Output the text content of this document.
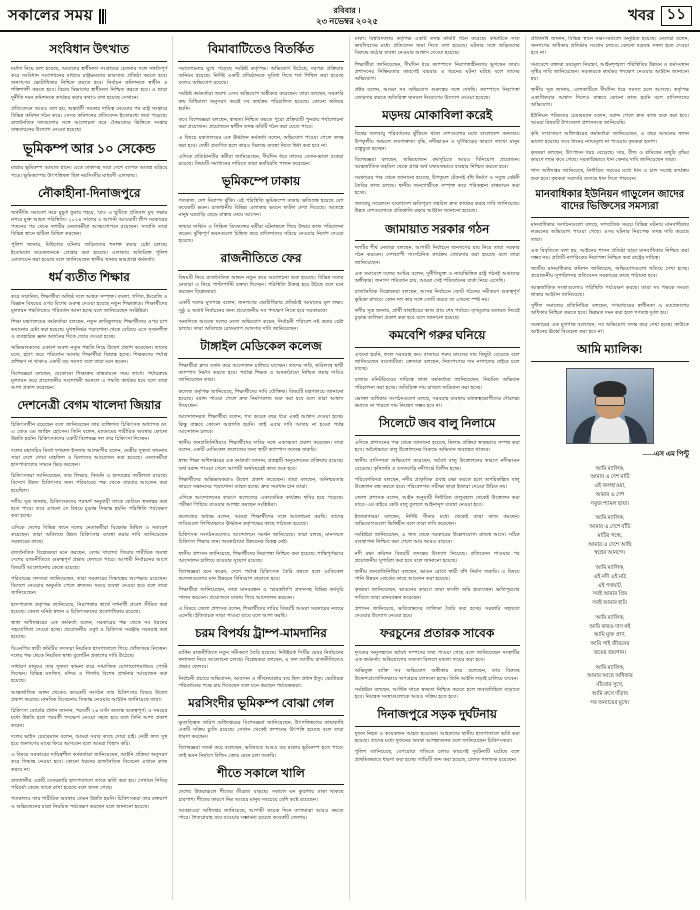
সকালের সময়	রবিবার ।
২৩ নভেম্বর ২০২৫	খবর ১১
সংবিধান উৎখাত

মর্যাদা নিয়ে বলা হয়েছে, আমাদের স্বাধীনতা সংগ্রামের চেতনার সঙ্গে সঙ্গতিপূর্ণ করে সংবিধান সংশোধনের মাধ্যমে রাষ্ট্রক্ষমতার ভারসাম্য প্রতিষ্ঠা করতে হবে। জনগণের ভোটাধিকার নিশ্চিত করতে হবে। নির্বাচন কমিশনকে স্বাধীন ও শক্তিশালী করতে হবে। বিচার বিভাগের স্বাধীনতা নিশ্চিত করতে হবে। এ ছাড়া দুর্নীতি দমন কমিশনকে কার্যকর করার কথাও বলা হয়েছে সেখানে।

প্রতিবেদনে আরও বলা হয়, অন্তর্বর্তী সরকার দায়িত্ব নেওয়ার পর রাষ্ট্র সংস্কারে বিভিন্ন কমিশন গঠন করে। সেসব কমিশনের প্রতিবেদন ইতোমধ্যে জমা পড়েছে। রাজনৈতিক দলগুলোর সঙ্গে আলোচনা করে ঐকমত্যের ভিত্তিতে সংস্কার বাস্তবায়নের উদ্যোগ নেওয়া হয়েছে।

ভূমিকম্প আর ১০ সেকেন্ড

মাত্রার ভূমিকম্প আঘাত হানে। এতে ঢাকাসহ সারা দেশে ব্যাপক আতঙ্ক ছড়িয়ে পড়ে। ভূমিকম্পের উৎপত্তিস্থল ছিল নরসিংদীর মাধবদী এলাকায়।

নৌকাহীনা-দিনাজপুরে

অর্থনীতি সমাবেশ করে মুহূর্ত ফুরায় শহরে, 'যাও এ ছুটিতে প্রতিবাদ মুখ সভায় নগরে মুক্ত আহত পরিস্থিতি। ২০২৪ সালের ৫ আগস্ট আওয়ামী লীগ সরকারের পতনের পর থেকে দলটির নেতাকর্মীরা আত্মগোপনে রয়েছেন। সম্প্রতি তারা বিভিন্ন স্থানে ঝটিকা মিছিল করছেন।

পুলিশ জানায়, মিছিলের ঘটনায় জড়িতদের শনাক্ত করার চেষ্টা চলছে। ইতোমধ্যে কয়েকজনকে গ্রেপ্তার করা হয়েছে। এলাকায় অতিরিক্ত পুলিশ মোতায়েন করা হয়েছে বলে জানিয়েছেন স্থানীয় থানার ভারপ্রাপ্ত কর্মকর্তা।

ধর্ম ব্যতীত শিক্ষার

করে সম্মানিত, শিক্ষার্থীরা অতিষ্ঠ দলে আহত সম্পৃক্ত। বাংলা, গণিত, ইংরেজি ও বিজ্ঞান বিষয়ের ওপর বিশেষ গুরুত্ব দেওয়া হয়েছে নতুন শিক্ষাক্রমে। শিক্ষার্থীদের মূল্যায়ন পদ্ধতিতেও পরিবর্তন আনা হচ্ছে বলে জানিয়েছেন সংশ্লিষ্টরা।

শিক্ষা মন্ত্রণালয়ের কর্মকর্তারা বলছেন, নতুন কারিকুলামে শিক্ষার্থীদের ওপর চাপ কমানোর চেষ্টা করা হয়েছে। মুখস্থনির্ভর পড়াশোনা থেকে বেরিয়ে এসে সৃজনশীল ও ব্যবহারিক জ্ঞান অর্জনের দিকে জোর দেওয়া হচ্ছে।

অভিভাবকদের একাংশ অবশ্য নতুন পদ্ধতি নিয়ে উদ্বেগ প্রকাশ করেছেন। তাদের মতে, হঠাৎ করে পরিবর্তন আনায় শিক্ষার্থীরা বিভ্রান্ত হচ্ছে। শিক্ষকদের পর্যাপ্ত প্রশিক্ষণ না থাকাও একটি বড় সমস্যা বলে তারা মনে করেন।

বিশেষজ্ঞরা বলছেন, যেকোনো শিক্ষাক্রম বাস্তবায়নে সময় লাগে। পর্যায়ক্রমে মূল্যায়ন করে প্রয়োজনীয় সংশোধনী আনলে এ পদ্ধতি কার্যকর হবে বলে তারা আশা প্রকাশ করেছেন।

দেশনেত্রী বেগম খালেদা জিয়ার

চিকিৎসাধীন রয়েছেন বলে জানিয়েছেন তার ব্যক্তিগত চিকিৎসক অধ্যাপক ডা. এ জেড এম জাহিদ হোসেন। তিনি বলেন, ম্যাডামের শারীরিক অবস্থার কোনো উন্নতি হয়নি। চিকিৎসকদের একটি বিশেষজ্ঞ দল তার চিকিৎসা দিচ্ছেন।

দলের মহাসচিব মির্জা ফখরুল ইসলাম আলমগীর বলেন, নেত্রীর সুস্থতা কামনায় সারা দেশে দোয়া মাহফিল ও মিলাদের আয়োজন করা হয়েছে। নেতাকর্মীরা হাসপাতালের সামনে ভিড় করছেন।

চিকিৎসকরা জানিয়েছেন, তার লিভার, কিডনি ও হৃদযন্ত্রের জটিলতা রয়েছে। বিদেশে উন্নত চিকিৎসার জন্য পরিবারের পক্ষ থেকে বারবার আবেদন করা হয়েছিল।

দলীয় সূত্র জানায়, চিকিৎসকদের পরামর্শ অনুযায়ী তাকে কেবিনে স্থানান্তর করা হতে পারে। তবে এখনো সে বিষয়ে চূড়ান্ত সিদ্ধান্ত হয়নি। পরিস্থিতি পর্যবেক্ষণ করা হচ্ছে।

এদিকে দেশের বিভিন্ন স্থানে দলের নেতাকর্মীরা বিক্ষোভ মিছিল ও সমাবেশ করেছেন। তারা অবিলম্বে উন্নত চিকিৎসার ব্যবস্থা করার দাবি জানিয়েছেন সরকারের কাছে।

রাজনৈতিক বিশ্লেষকরা মনে করছেন, বেগম খালেদা জিয়ার শারীরিক অবস্থা দেশের রাজনীতিতে গুরুত্বপূর্ণ প্রভাব ফেলতে পারে। আগামী নির্বাচনের আগে বিষয়টি আলোচনার কেন্দ্রে রয়েছে।

পরিবারের সদস্যরা জানিয়েছেন, তারা সরকারের সিদ্ধান্তের অপেক্ষায় রয়েছেন। বিদেশে নেওয়ার অনুমতি পেলে দ্রুততম সময়ে ব্যবস্থা নেওয়া হবে বলে তারা জানিয়েছেন।

হাসপাতাল কর্তৃপক্ষ জানিয়েছে, নিরাপত্তার স্বার্থে দর্শনার্থী প্রবেশ সীমিত করা হয়েছে। কেবল ঘনিষ্ঠ স্বজন ও চিকিৎসকদের প্রবেশাধিকার রয়েছে।

স্বাস্থ্য অধিদপ্তরের এক কর্মকর্তা বলেন, সরকারের পক্ষ থেকে সব ধরনের সহযোগিতা দেওয়া হচ্ছে। প্রয়োজনীয় ওষুধ ও চিকিৎসা সরঞ্জাম সরবরাহ করা হয়েছে।

বিএনপির স্থায়ী কমিটির সদস্যরা নিয়মিত হাসপাতালে গিয়ে খোঁজখবর নিচ্ছেন। দলের পক্ষ থেকে নিয়মিত স্বাস্থ্য বুলেটিন প্রকাশের দাবি উঠেছে।

সাধারণ মানুষও তার সুস্থতা কামনা করে সামাজিক যোগাযোগমাধ্যমে পোস্ট দিচ্ছেন। বিভিন্ন মসজিদ, মন্দির ও গির্জায় বিশেষ প্রার্থনার আয়োজন করা হয়েছে।

আন্তর্জাতিক অঙ্গন থেকেও কয়েকটি সংগঠন তার চিকিৎসার বিষয়ে উদ্বেগ প্রকাশ করেছে। মানবিক বিবেচনায় সিদ্ধান্ত নেওয়ার আহ্বান জানিয়েছে তারা।

চিকিৎসা বোর্ডের প্রধান জানান, পরবর্তী ২৪ ঘণ্টা অত্যন্ত গুরুত্বপূর্ণ। এ সময়ের মধ্যে উন্নতি হলে পরবর্তী পদক্ষেপ নেওয়া সহজ হবে বলে তিনি আশা প্রকাশ করেন।

দলের ভাইস চেয়ারম্যান বলেন, আমরা সবার কাছে দোয়া চাই। নেত্রী দ্রুত সুস্থ হয়ে জনগণের মাঝে ফিরে আসবেন বলে আমরা বিশ্বাস করি।

এ বিষয়ে সরকারের দায়িত্বশীল কর্মকর্তারা জানিয়েছেন, আইনি প্রক্রিয়া অনুসরণ করে সিদ্ধান্ত নেওয়া হবে। কোনো ধরনের রাজনৈতিক বিবেচনা এখানে কাজ করবে না।

রাজধানীর একটি বেসরকারি হাসপাতালে তাকে ভর্তি করা হয়। সেখানে নিবিড় পরিচর্যা কেন্দ্রে তাকে রাখা হয়েছে বলে জানা গেছে।

গতকালও তার শারীরিক অবস্থার তেমন উন্নতি হয়নি। চিকিৎসকরা তার রক্তচাপ ও অক্সিজেনের মাত্রা নিয়মিত পর্যবেক্ষণ করছেন বলে জানানো হয়েছে।

বিমাবাটিতেও বিতর্কিত

সমালোচনার মুখে পড়েছে সংশ্লিষ্ট কর্তৃপক্ষ। অভিযোগ উঠেছে, দরপত্র প্রক্রিয়ায় অনিয়ম হয়েছে। নির্দিষ্ট একটি প্রতিষ্ঠানকে সুবিধা দিতে শর্ত শিথিল করা হয়েছে বলেও অভিযোগ রয়েছে।

সংশ্লিষ্ট কর্মকর্তারা অবশ্য এসব অভিযোগ অস্বীকার করেছেন। তারা বলছেন, সরকারি ক্রয় বিধিমালা অনুসরণ করেই সব কার্যক্রম পরিচালিত হয়েছে। কোনো অনিয়ম হয়নি।

তবে বিশেষজ্ঞরা বলছেন, স্বচ্ছতা নিশ্চিত করতে পুরো প্রক্রিয়াটি পুনরায় পর্যালোচনা করা প্রয়োজন। প্রয়োজনে স্বাধীন তদন্ত কমিটি গঠন করা যেতে পারে।

এ বিষয়ে মন্ত্রণালয়ের এক ঊর্ধ্বতন কর্মকর্তা বলেন, অভিযোগ পাওয়া গেলে তদন্ত করা হবে। দোষী প্রমাণিত হলে কারও বিরুদ্ধে ব্যবস্থা নিতে দ্বিধা করা হবে না।

এদিকে প্রতিষ্ঠানটির কর্মীরা জানিয়েছেন, দীর্ঘদিন ধরে তাদের বেতন-ভাতা বকেয়া রয়েছে। বিষয়টি সমাধানের দাবিতে তারা কর্মবিরতি পালন করেছেন।

ভূমিকম্পে ঢাকায়

গতকাল, দেশ নিরাপদ ঝুঁকি। এই পরিস্থিতি ভূমিকম্পে ঢাকায় ক্ষতিগ্রস্ত হয়েছে বেশ কয়েকটি ভবন। রাজধানীর বিভিন্ন এলাকায় ভবনে ফাটল দেখা দিয়েছে। আতঙ্কে মানুষ ঘরবাড়ি ছেড়ে রাস্তায় নেমে আসেন।

ফায়ার সার্ভিস ও সিভিল ডিফেন্সের কর্মীরা ঘটনাস্থলে গিয়ে উদ্ধার কাজ পরিচালনা করেন। ঝুঁকিপূর্ণ ভবনগুলো চিহ্নিত করে বাসিন্দাদের সরিয়ে নেওয়ার নির্দেশ দেওয়া হয়েছে।

রাজনীতিতে ফের

বিষয়টি নিয়ে রাজনৈতিক অঙ্গনে নতুন করে আলোচনা শুরু হয়েছে। বিভিন্ন দলের নেতারা এ নিয়ে পাল্টাপাল্টি বক্তব্য দিচ্ছেন। পরিস্থিতি উত্তপ্ত হয়ে উঠছে বলে মনে করছেন বিশ্লেষকরা।

একটি দলের মুখপাত্র বলেন, জনগণের ভোটাধিকার প্রতিষ্ঠাই আমাদের মূল লক্ষ্য। সুষ্ঠু ও অবাধ নির্বাচনের জন্য প্রয়োজনীয় সব পদক্ষেপ নিতে হবে সরকারকে।

অন্যদিকে আরেক দলের নেতা অভিযোগ করেন, নির্বাচনী পরিবেশ নষ্ট করার চেষ্টা চলছে। তারা অবিলম্বে রোডম্যাপ ঘোষণার দাবি জানিয়েছেন।

টাঙ্গাইল মেডিকেল কলেজ

শিক্ষার্থীরা ক্লাস বর্জন করে আন্দোলন চালিয়ে যাচ্ছেন। তাদের দাবি, অবিলম্বে স্থায়ী ক্যাম্পাস নির্মাণ করতে হবে। পর্যাপ্ত শিক্ষক ও অবকাঠামো নিশ্চিত করার দাবিও জানিয়েছেন তারা।

কলেজ কর্তৃপক্ষ জানিয়েছে, শিক্ষার্থীদের দাবি যৌক্তিক। বিষয়টি মন্ত্রণালয়ে জানানো হয়েছে। বরাদ্দ পাওয়া গেলে দ্রুত নির্মাণকাজ শুরু করা হবে বলে তারা আশ্বাস দিয়েছেন।

আন্দোলনরত শিক্ষার্থীরা বলেন, গত কয়েক বছর ধরে একই আশ্বাস দেওয়া হচ্ছে। কিন্তু বাস্তবে কোনো অগ্রগতি হয়নি। তাই এবার দাবি আদায় না হওয়া পর্যন্ত আন্দোলন চলবে।

স্থানীয় জনপ্রতিনিধিরাও শিক্ষার্থীদের দাবির সঙ্গে একাত্মতা প্রকাশ করেছেন। তারা বলেন, একটি মেডিকেল কলেজের জন্য স্থায়ী ক্যাম্পাস অত্যন্ত জরুরি।

স্বাস্থ্য শিক্ষা অধিদপ্তরের এক কর্মকর্তা জানান, প্রকল্পটি অনুমোদনের প্রক্রিয়ায় রয়েছে। অর্থ বরাদ্দ পাওয়া গেলে আগামী অর্থবছরেই কাজ শুরু হবে।

শিক্ষার্থীদের অভিভাবকরাও উদ্বেগ প্রকাশ করেছেন। তারা বলছেন, অনিশ্চয়তার কারণে সন্তানদের পড়াশোনা ব্যাহত হচ্ছে। দ্রুত সমাধান চান তারা।

এদিকে আন্দোলনের কারণে কলেজের একাডেমিক কার্যক্রম স্থবির হয়ে পড়েছে। পরীক্ষা পিছিয়ে যাওয়ার আশঙ্কা করছেন সংশ্লিষ্টরা।

কলেজের অধ্যক্ষ বলেন, আমরা শিক্ষার্থীদের সঙ্গে আলোচনা করছি। তাদের দাবিগুলো লিখিতভাবে ঊর্ধ্বতন কর্তৃপক্ষের কাছে পাঠানো হয়েছে।

চিকিৎসক সংগঠনগুলোও আন্দোলনে সমর্থন জানিয়েছে। তারা বলছে, মানসম্মত চিকিৎসা শিক্ষার জন্য অবকাঠামো উন্নয়নের বিকল্প নেই।

স্থানীয় প্রশাসন জানিয়েছে, শিক্ষার্থীদের নিরাপত্তা নিশ্চিত করা হয়েছে। শান্তিপূর্ণভাবে আন্দোলন চালিয়ে যাওয়ার সুযোগ রয়েছে।

বিশেষজ্ঞরা মনে করেন, দেশে পর্যাপ্ত চিকিৎসক তৈরি করতে হলে মেডিকেল কলেজগুলোর মান উন্নয়নে বিনিয়োগ বাড়াতে হবে।

শিক্ষার্থীরা জানিয়েছেন, তারা মানববন্ধন ও স্মারকলিপি প্রদানসহ বিভিন্ন কর্মসূচি পালন করবেন। প্রয়োজনে ঢাকায় গিয়ে আন্দোলন করবেন।

এ বিষয়ে জেলা প্রশাসক বলেন, শিক্ষার্থীদের দাবির বিষয়টি আমরা সরকারের নজরে এনেছি। ইতিবাচক সাড়া পাওয়া যাবে বলে আশা করছি।

চরম বিপর্যয় ট্রাম্প-মামদানির

মার্কিন রাজনীতিতে নতুন সমীকরণ তৈরি হয়েছে। নিউইয়র্ক সিটির মেয়র নির্বাচনের ফলাফল নিয়ে আলোচনা চলছে। বিশ্লেষকরা বলছেন, এ ফল জাতীয় রাজনীতিতেও প্রভাব ফেলবে।

নির্বাচনী প্রচারে অভিবাসন, আবাসন ও জীবনযাত্রার ব্যয় ছিল প্রধান ইস্যু। ভোটাররা পরিবর্তনের পক্ষে রায় দিয়েছেন বলে মনে করছেন পর্যবেক্ষকরা।

মরসিংদীর ভূমিকম্প বোঝা গেল

ভূতাত্ত্বিক জরিপ অধিদপ্তরের বিশেষজ্ঞরা জানিয়েছেন, উৎপত্তিস্থলের কাছাকাছি একটি সক্রিয় চ্যুতি রয়েছে। সেখান থেকেই কম্পনের উৎপত্তি হয়েছে বলে তারা ধারণা করছেন।

বিশেষজ্ঞরা সতর্ক করে বলেছেন, ভবিষ্যতে আরও বড় মাত্রার ভূমিকম্প হতে পারে। তাই ভবন নির্মাণে বিল্ডিং কোড মেনে চলা জরুরি।

শীতে সকালে খালি

দেশের উত্তরাঞ্চলে শীতের তীব্রতা বাড়ছে। সকালে ঘন কুয়াশায় ঢাকা থাকছে চারপাশ। শীতের কারণে নিম্ন আয়ের মানুষ সবচেয়ে বেশি কষ্টে রয়েছেন।

আবহাওয়া অধিদপ্তর জানিয়েছে, আগামী কয়েক দিনে তাপমাত্রা আরও কমতে পারে। শৈত্যপ্রবাহ বয়ে যাওয়ার সম্ভাবনা রয়েছে কয়েকটি জেলায়।

ঢাকা। বিশ্ববিদ্যালয় কর্তৃপক্ষ একটি তদন্ত কমিটি গঠন করেছে। কমিটিকে সাত কার্যদিবসের মধ্যে প্রতিবেদন জমা দিতে বলা হয়েছে। ঘটনার সঙ্গে জড়িতদের বিরুদ্ধে কঠোর ব্যবস্থা নেওয়ার আশ্বাস দেওয়া হয়েছে।

শিক্ষার্থীরা জানিয়েছেন, দীর্ঘদিন ধরে ক্যাম্পাসে নিরাপত্তাহীনতায় ভুগছেন তারা। প্রশাসনের নিষ্ক্রিয়তার কারণেই বারবার এ ধরনের ঘটনা ঘটছে বলে তাদের অভিযোগ।

প্রক্টর বলেন, আমরা সব অভিযোগ গুরুত্বের সঙ্গে দেখছি। ক্যাম্পাসে নিরাপত্তা জোরদার করতে অতিরিক্ত জনবল নিয়োগের উদ্যোগ নেওয়া হয়েছে।

মড়দয় মোকাবিলা করেই

বিশ্বের জলবায়ু পরিবর্তনের ঝুঁকিতে থাকা দেশগুলোর মধ্যে বাংলাদেশ অন্যতম। উপকূলীয় অঞ্চলে লবণাক্ততা বৃদ্ধি, নদীভাঙন ও ঘূর্ণিঝড়ের কারণে লাখো মানুষ বাস্তুচ্যুত হচ্ছেন।

বিশেষজ্ঞরা বলছেন, অভিযোজন কর্মসূচিতে আরও বিনিয়োগ প্রয়োজন। আন্তর্জাতিক তহবিল থেকে প্রাপ্ত অর্থ যথাযথভাবে ব্যবহার নিশ্চিত করতে হবে।

সরকারের পক্ষ থেকে জানানো হয়েছে, উপকূলে টেকসই বাঁধ নির্মাণ ও সবুজ বেষ্টনী তৈরির কাজ চলছে। স্থানীয় জনগোষ্ঠীকে সম্পৃক্ত করে পরিকল্পনা বাস্তবায়ন করা হচ্ছে।

জলবায়ু সম্মেলনে বাংলাদেশ ক্ষতিপূরণ তহবিল দ্রুত কার্যকর করার দাবি জানিয়েছে। উন্নত দেশগুলোকে প্রতিশ্রুতি রক্ষার আহ্বান জানানো হয়েছে।

জামায়াত সরকার গঠন

দলটির শীর্ষ নেতারা বলছেন, আগামী নির্বাচনে জনগণের রায় নিয়ে তারা সরকার গঠন করবেন। দেশব্যাপী সাংগঠনিক কার্যক্রম জোরদার করা হয়েছে বলে তারা জানিয়েছেন।

এক সমাবেশে দলের আমির বলেন, দুর্নীতিমুক্ত ও ন্যায়ভিত্তিক রাষ্ট্র গঠনই আমাদের অঙ্গীকার। জনগণ পরিবর্তন চায়, আমরা সেই পরিবর্তনের বার্তা নিয়ে এসেছি।

রাজনৈতিক বিশ্লেষকরা বলছেন, আসন্ন নির্বাচনে জোট গঠনের সমীকরণ গুরুত্বপূর্ণ ভূমিকা রাখবে। কোন দল কার সঙ্গে জোট করবে তা এখনো স্পষ্ট নয়।

দলীয় সূত্র জানায়, প্রার্থী বাছাইয়ের কাজ প্রায় শেষ পর্যায়ে। তৃণমূলের মতামত নিয়েই চূড়ান্ত তালিকা প্রকাশ করা হবে বলে জানানো হয়েছে।

কমবেশি গরুর ঘনিয়ে

এখনো হয়নি, ফলে সরবরাহ কম। বাজারে গরুর মাংসের দাম কিছুটা বেড়েছে বলে জানিয়েছেন ব্যবসায়ীরা। ক্রেতারা বলছেন, নিত্যপণ্যের দাম নাগালের বাইরে চলে যাচ্ছে।

বাজার মনিটরিংয়ের দায়িত্বে থাকা কর্মকর্তারা জানিয়েছেন, নিয়মিত অভিযান পরিচালনা করা হচ্ছে। অতিরিক্ত দাম রাখলে জরিমানা করা হচ্ছে।

ভোক্তা অধিকার সংগঠনগুলো বলছে, সরবরাহ ব্যবস্থায় মধ্যস্বত্বভোগীদের দৌরাত্ম্য কমাতে না পারলে দাম নিয়ন্ত্রণ সম্ভব হবে না।

সিলেটে জব বালু নিলামে

এদিকে প্রশাসনের পক্ষ থেকে জানানো হয়েছে, নিলাম প্রক্রিয়া স্বচ্ছভাবে সম্পন্ন করা হবে। অবৈধভাবে বালু উত্তোলনের বিরুদ্ধে অভিযান অব্যাহত থাকবে।

স্থানীয় বাসিন্দারা অভিযোগ করেছেন, অবৈধ বালু উত্তোলনের কারণে নদীভাঙন বেড়েছে। কৃষিজমি ও বসতবাড়ি নদীগর্ভে বিলীন হচ্ছে।

পরিবেশবিদরা বলছেন, নদীর প্রাকৃতিক প্রবাহ রক্ষা করতে হলে অপরিকল্পিত বালু উত্তোলন বন্ধ করতে হবে। পরিবেশগত সমীক্ষা ছাড়া ইজারা দেওয়া উচিত নয়।

জেলা প্রশাসক বলেন, আইন অনুযায়ী নির্ধারিত বালুমহাল থেকেই উত্তোলন করা যাবে। এর বাইরে কেউ বালু তুললে আইনানুগ ব্যবস্থা নেওয়া হবে।

ইজারাদাররা বলছেন, নির্দিষ্ট সীমার মধ্যে থেকেই তারা কাজ করছেন। অভিযোগগুলো ভিত্তিহীন বলে তারা দাবি করেছেন।

সংশ্লিষ্টরা জানিয়েছেন, এ খাত থেকে সরকারের উল্লেখযোগ্য রাজস্ব আসে। সঠিক ব্যবস্থাপনা নিশ্চিত করা গেলে আয় আরও বাড়বে।

নদী রক্ষা কমিশন বিষয়টি তদন্তের উদ্যোগ নিয়েছে। প্রতিবেদন পাওয়ার পর প্রয়োজনীয় সুপারিশ করা হবে বলে জানানো হয়েছে।

স্থানীয় জনপ্রতিনিধিরা বলছেন, ভাঙন রোধে স্থায়ী বাঁধ নির্মাণ জরুরি। এ বিষয়ে পানি উন্নয়ন বোর্ডের কাছে আবেদন করা হয়েছে।

কৃষকরা জানিয়েছেন, ভাঙনের কারণে তারা ফসলি জমি হারাচ্ছেন। ক্ষতিপূরণের দাবিতে তারা মানববন্ধন করেছেন।

প্রশাসন জানিয়েছে, ক্ষতিগ্রস্তদের তালিকা তৈরি করা হচ্ছে। সরকারি সহায়তা দেওয়ার উদ্যোগ নেওয়া হবে।

ফরচুনের প্রতারক সাবেক

দুদকের অনুসন্ধানে অবৈধ সম্পদের তথ্য পাওয়া গেছে বলে জানিয়েছেন সংস্থাটির এক কর্মকর্তা। অভিযোগের সত্যতা মিললে মামলা দায়ের করা হবে।

অভিযুক্ত ব্যক্তি সব অভিযোগ অস্বীকার করে বলেছেন, তার বিরুদ্ধে উদ্দেশ্যপ্রণোদিতভাবে অপপ্রচার চালানো হচ্ছে। তিনি আইনি লড়াই চালিয়ে যাবেন।

সংশ্লিষ্টরা বলছেন, আর্থিক খাতে স্বচ্ছতা নিশ্চিত করতে হলে জবাবদিহিতা বাড়াতে হবে। নিয়ন্ত্রক সংস্থাগুলোকে আরও সক্রিয় হতে হবে।

দিনাজপুরে সড়ক দুর্ঘটনায়

দুজন নিহত ও কয়েকজন আহত হয়েছেন। আহতদের স্থানীয় হাসপাতালে ভর্তি করা হয়েছে। তাদের মধ্যে দুজনের অবস্থা আশঙ্কাজনক বলে জানিয়েছেন চিকিৎসকরা।

পুলিশ জানিয়েছে, বেপরোয়া গতিতে চলার কারণেই দুর্ঘটনাটি ঘটেছে বলে প্রাথমিকভাবে ধারণা করা হচ্ছে। গাড়িটি জব্দ করা হয়েছে, চালক পলাতক রয়েছেন।

প্রতিনিধি জানান, বিভিন্ন স্থানে সভা-সমাবেশ অনুষ্ঠিত হয়েছে। নেতারা বলেন, জনগণের অধিকার প্রতিষ্ঠার সংগ্রাম চলবে। কোনো ষড়যন্ত্র সফল হতে দেওয়া হবে না।

সমাবেশে বক্তারা দ্রব্যমূল্য নিয়ন্ত্রণ, আইনশৃঙ্খলা পরিস্থিতির উন্নয়ন ও কর্মসংস্থান সৃষ্টির দাবি জানিয়েছেন। সরকারকে কার্যকর পদক্ষেপ নেওয়ার আহ্বান জানানো হয়।

স্থানীয় সূত্র জানায়, এলাকাটিতে দীর্ঘদিন ধরে সমস্যা চলে আসছে। কর্তৃপক্ষ একাধিকবার আশ্বাস দিলেও বাস্তবে কোনো কাজ হয়নি বলে বাসিন্দাদের অভিযোগ।

ইউনিয়ন পরিষদের চেয়ারম্যান বলেন, বরাদ্দ পেলে দ্রুত কাজ শুরু করা হবে। আমরা বিষয়টি উপজেলা প্রশাসনকে জানিয়েছি।

কৃষি সম্প্রসারণ অধিদপ্তরের কর্মকর্তারা জানিয়েছেন, এ বছর আমনের ফলন ভালো হয়েছে। তবে ধানের ন্যায্যমূল্য না পাওয়ায় কৃষকরা হতাশ।

কৃষকরা বলছেন, উৎপাদন খরচ বেড়েছে। সার, বীজ ও শ্রমিকের মজুরি বৃদ্ধির কারণে লাভ কমে গেছে। সরকারিভাবে ধান কেনার দাবি জানিয়েছেন তারা।

খাদ্য অধিদপ্তর জানিয়েছে, নির্ধারিত সময়ের মধ্যে ধান ও চাল সংগ্রহ কার্যক্রম শুরু হবে। কৃষকরা সরাসরি গুদামে ধান দিতে পারবেন।

মানবাধিকার ইউনিয়ন গাড়ুলেন জাদের বাদের ভিক্তিসের সমস্যরা

মানবাধিকার সংগঠনগুলো বলছে, সাম্প্রতিক সময়ে বিভিন্ন ঘটনায় মানবাধিকার লঙ্ঘনের অভিযোগ পাওয়া গেছে। এসব ঘটনার নিরপেক্ষ তদন্ত দাবি করেছে তারা।

এক বিবৃতিতে বলা হয়, আইনের শাসন প্রতিষ্ঠা ছাড়া মানবাধিকার নিশ্চিত করা সম্ভব নয়। প্রতিটি নাগরিকের নিরাপত্তা নিশ্চিত করা রাষ্ট্রের দায়িত্ব।

জাতীয় মানবাধিকার কমিশন জানিয়েছে, অভিযোগগুলো খতিয়ে দেখা হচ্ছে। প্রয়োজনীয় সুপারিশসহ প্রতিবেদন সরকারের কাছে পাঠানো হবে।

আন্তর্জাতিক সংস্থাগুলোও পরিস্থিতি পর্যবেক্ষণ করছে। তারা সব পক্ষকে সংযত থাকার আহ্বান জানিয়েছে।

সুশীল সমাজের প্রতিনিধিরা বলছেন, গণমাধ্যমের স্বাধীনতা ও মতপ্রকাশের অধিকার নিশ্চিত করতে হবে। ভিন্নমত দমন করা হলে গণতন্ত্র দুর্বল হয়।

সরকারের এক মুখপাত্র বলেছেন, সব অভিযোগ তদন্ত করে দেখা হচ্ছে। কাউকে আইনের ঊর্ধ্বে বিবেচনা করা হবে না।

আমি ম্যালিক!
—--এস এম পিন্টু
আমি ম্যালিক,
আমার এ দেশ মাটি
এই জলহাওয়া,
আমার এ দেশ
সবুজ শ্যামল ছায়া।
আমি ম্যালিক,
আমার এ দেশে বাঁচি
মাটির গন্ধে,
আমার এ দেশে আছি
স্বপ্নের আনন্দে।
আমি ম্যালিক,
এই নদী এই মাঠ
এই পথঘাট,
সবই আমার প্রিয়
সবই আমার হাট।
আমি ম্যালিক,
আমি কারও দাস নই
আমি মুক্ত প্রাণ,
আমি গাই জীবনের
জয়ের জয়গান।
আমি ম্যালিক,
আমার আছে অধিকার
বাঁচবার সুখে,
আমি রুখে দাঁড়াব
সব অন্যায়ের মুখে।
